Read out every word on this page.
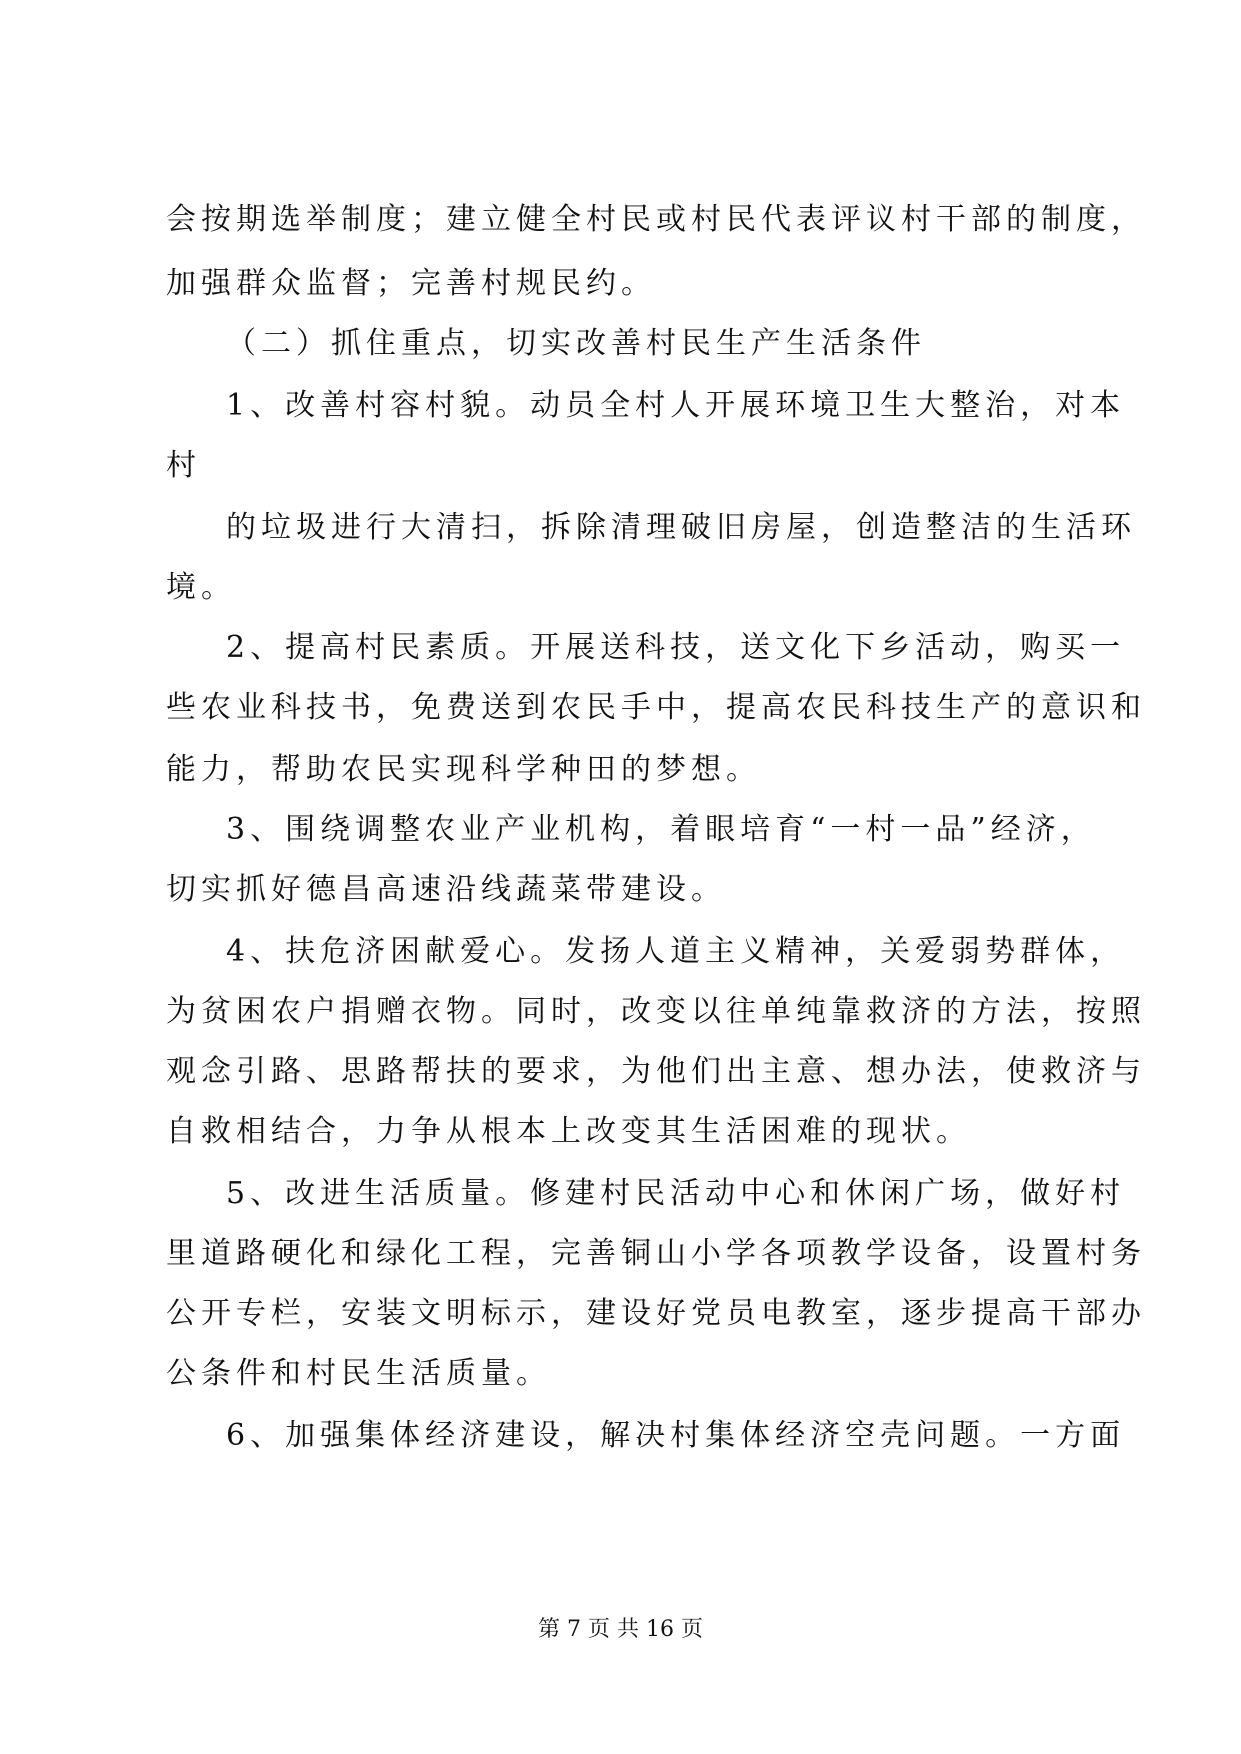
会按期选举制度；建立健全村民或村民代表评议村干部的制度，
加强群众监督；完善村规民约。
（二）抓住重点，切实改善村民生产生活条件
1、改善村容村貌。动员全村人开展环境卫生大整治，对本
村
的垃圾进行大清扫，拆除清理破旧房屋，创造整洁的生活环
境。
2、提高村民素质。开展送科技，送文化下乡活动，购买一
些农业科技书，免费送到农民手中，提高农民科技生产的意识和
能力，帮助农民实现科学种田的梦想。
3、围绕调整农业产业机构，着眼培育“一村一品”经济，
切实抓好德昌高速沿线蔬菜带建设。
4、扶危济困献爱心。发扬人道主义精神，关爱弱势群体，
为贫困农户捐赠衣物。同时，改变以往单纯靠救济的方法，按照
观念引路、思路帮扶的要求，为他们出主意、想办法，使救济与
自救相结合，力争从根本上改变其生活困难的现状。
5、改进生活质量。修建村民活动中心和休闲广场，做好村
里道路硬化和绿化工程，完善铜山小学各项教学设备，设置村务
公开专栏，安装文明标示，建设好党员电教室，逐步提高干部办
公条件和村民生活质量。
6、加强集体经济建设，解决村集体经济空壳问题。一方面
第 7 页 共 16 页
